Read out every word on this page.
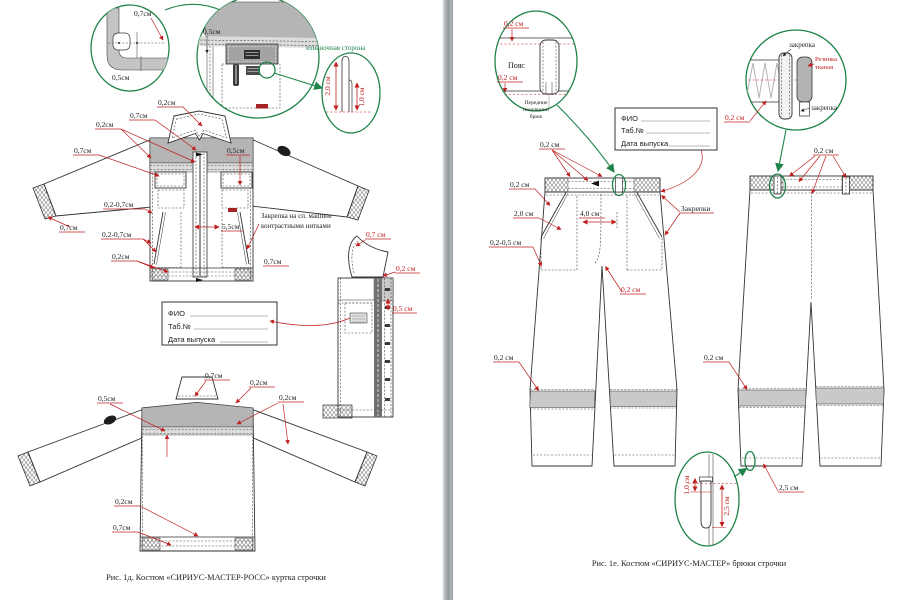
0,7см
0,5см
0,5см
изнаночная сторона
2,0 см
1,0 см
0,2см
0,7см
0,2см
0,7см	0,5см
0,2-0,7см
0,2-0,7см
0,2см
0,7см	5,5см
Закрепка на сп. машине
контрастными нитками
0,7см
0,7 см
0,2 см
0,5 см
ФИО
Таб.№
Дата выпуска
0,7см
0,2см
0,2см
0,5см
0,2см
0,7см
Рис. 1д. Костюм «СИРИУС-МАСТЕР-РОСС» куртка строчки
0,2 см
Пояс
0,2 см
Передние
половинки
брюк
закрепка
Резинка
тканая
закрепка
0,2 см
ФИО
Таб.№
Дата выпуска
0,2 см
0,2 см
2,0 см	4,0 см
0,2-0,5 см
0,2 см
Закрепки
0,2 см
0,2 см
0,2 см
2,5 см
1,0 см
2,5 см
Рис. 1е. Костюм «СИРИУС-МАСТЕР» брюки строчки
